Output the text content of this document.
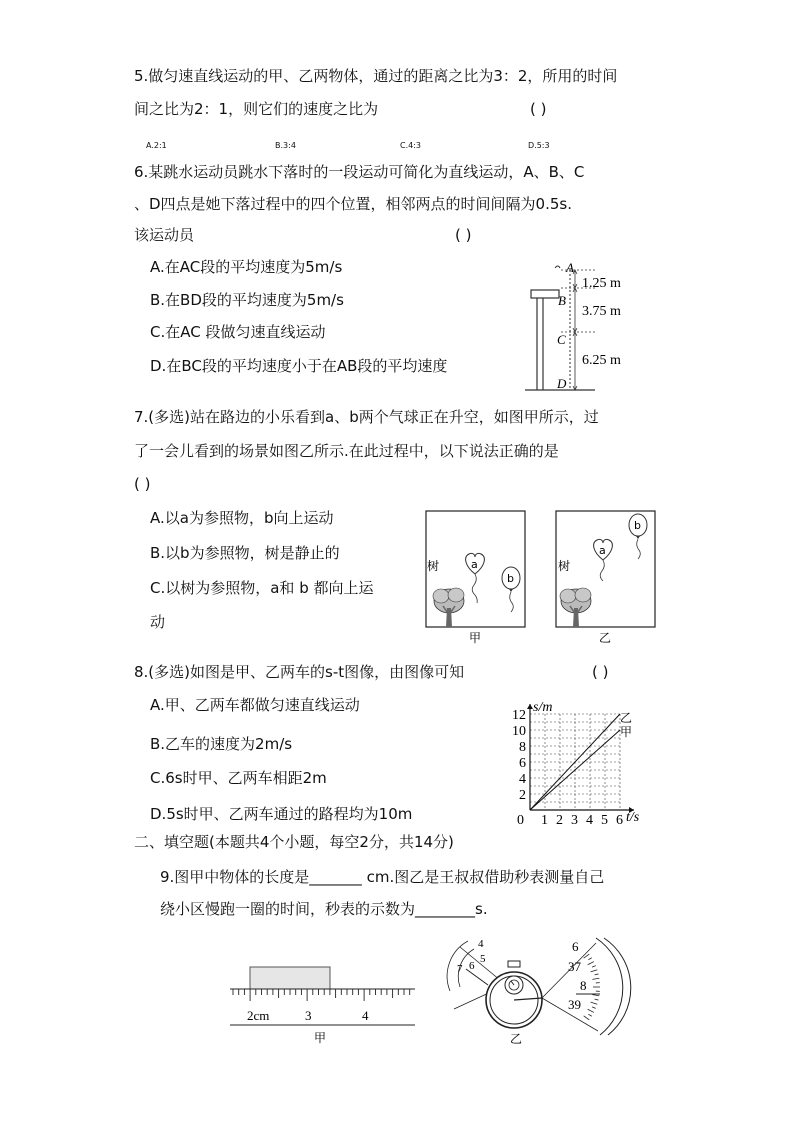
5.做匀速直线运动的甲、乙两物体，通过的距离之比为3：2，所用的时间
间之比为2：1，则它们的速度之比为	( )
A.2:1	B.3:4	C.4:3	D.5:3
6.某跳水运动员跳水下落时的一段运动可简化为直线运动，A、B、C
、D四点是她下落过程中的四个位置，相邻两点的时间间隔为0.5s.
该运动员	( )
A.在AC段的平均速度为5m/s
B.在BD段的平均速度为5m/s
C.在AC 段做匀速直线运动
D.在BC段的平均速度小于在AB段的平均速度
A
B
C
D
1.25 m
3.75 m
6.25 m
7.(多选)站在路边的小乐看到a、b两个气球正在升空，如图甲所示，过
了一会儿看到的场景如图乙所示.在此过程中，以下说法正确的是
( )
A.以a为参照物，b向上运动
B.以b为参照物，树是静止的
C.以树为参照物，a和 b 都向上运
动
树	a
b
甲
树
a
b
乙
8.(多选)如图是甲、乙两车的s-t图像，由图像可知	( )
A.甲、乙两车都做匀速直线运动
B.乙车的速度为2m/s
C.6s时甲、乙两车相距2m
D.5s时甲、乙两车通过的路程均为10m	0 1 2 3 4 5 6
2
4
6
8
10
12
s/m
t/s
乙
甲
二、填空题(本题共4个小题，每空2分，共14分)
9.图甲中物体的长度是_______ cm.图乙是王叔叔借助秒表测量自己
绕小区慢跑一圈的时间，秒表的示数为________s.
2cm	3	4
甲
4
5
6
7
6
37
8
39
乙
